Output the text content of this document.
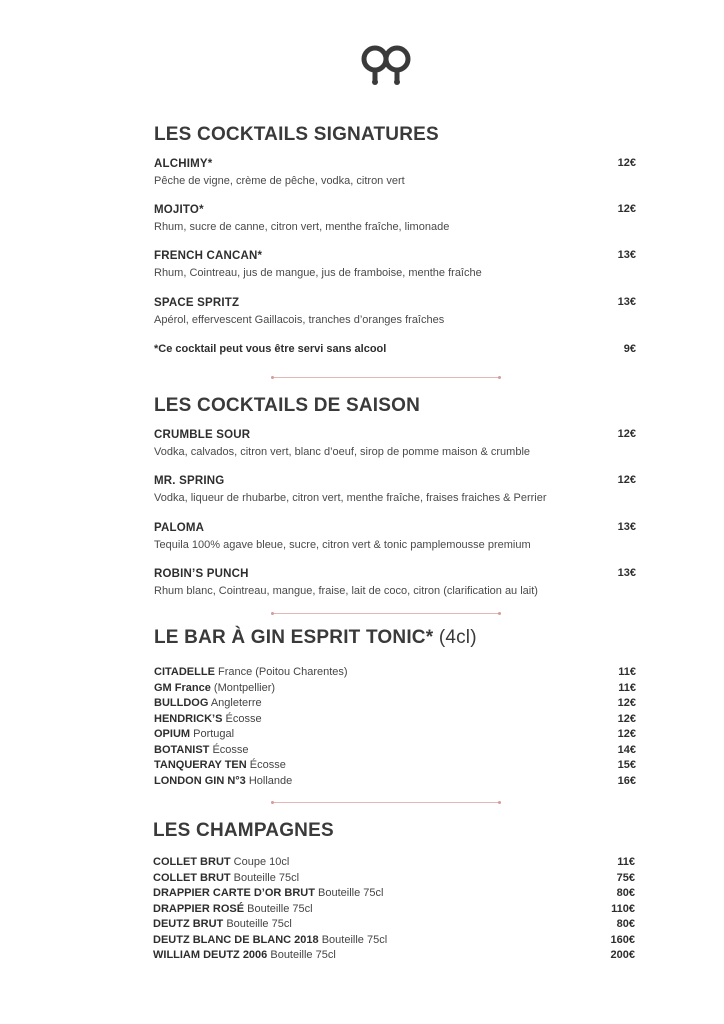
LES COCKTAILS SIGNATURES
ALCHIMY*
Pêche de vigne, crème de pêche, vodka, citron vert
12€
MOJITO*
Rhum, sucre de canne, citron vert, menthe fraîche, limonade
12€
FRENCH CANCAN*
Rhum, Cointreau, jus de mangue, jus de framboise, menthe fraîche
13€
SPACE SPRITZ
Apérol, effervescent Gaillacois, tranches d’oranges fraîches
13€
*Ce cocktail peut vous être servi sans alcool	9€
LES COCKTAILS DE SAISON
CRUMBLE SOUR
Vodka, calvados, citron vert, blanc d’oeuf, sirop de pomme maison & crumble
12€
MR. SPRING
Vodka, liqueur de rhubarbe, citron vert, menthe fraîche, fraises fraiches & Perrier
12€
PALOMA
Tequila 100% agave bleue, sucre, citron vert & tonic pamplemousse premium
13€
ROBIN’S PUNCH
Rhum blanc, Cointreau, mangue, fraise, lait de coco, citron (clarification au lait)
13€
LE BAR À GIN ESPRIT TONIC* (4cl)
CITADELLE France (Poitou Charentes)	11€
GM France (Montpellier)	11€
BULLDOG Angleterre	12€
HENDRICK’S Écosse	12€
OPIUM Portugal	12€
BOTANIST Écosse	14€
TANQUERAY TEN Écosse	15€
LONDON GIN N°3 Hollande	16€
LES CHAMPAGNES
COLLET BRUT Coupe 10cl	11€
COLLET BRUT Bouteille 75cl	75€
DRAPPIER CARTE D’OR BRUT Bouteille 75cl	80€
DRAPPIER ROSÉ Bouteille 75cl	110€
DEUTZ BRUT Bouteille 75cl	80€
DEUTZ BLANC DE BLANC 2018 Bouteille 75cl	160€
WILLIAM DEUTZ 2006 Bouteille 75cl	200€
